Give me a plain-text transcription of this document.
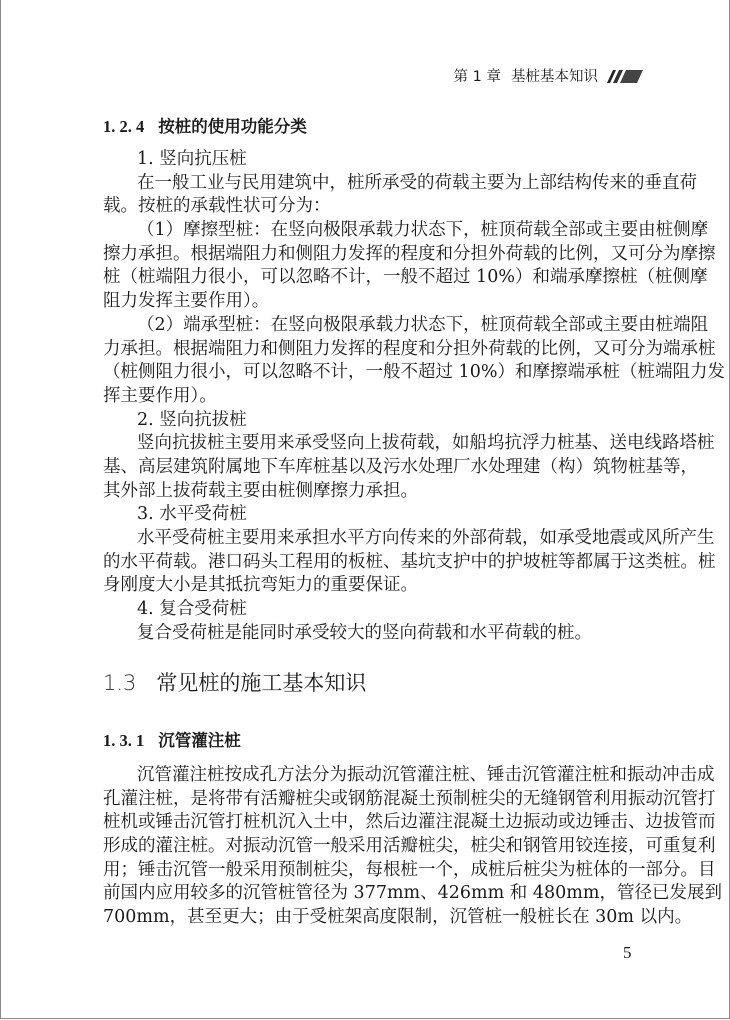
第 1 章 基桩基本知识
1. 2. 4 按桩的使用功能分类
1. 竖向抗压桩
在一般工业与民用建筑中，桩所承受的荷载主要为上部结构传来的垂直荷
载。按桩的承载性状可分为：
（1）摩擦型桩：在竖向极限承载力状态下，桩顶荷载全部或主要由桩侧摩
擦力承担。根据端阻力和侧阻力发挥的程度和分担外荷载的比例，又可分为摩擦
桩（桩端阻力很小，可以忽略不计，一般不超过 10%）和端承摩擦桩（桩侧摩
阻力发挥主要作用）。
（2）端承型桩：在竖向极限承载力状态下，桩顶荷载全部或主要由桩端阻
力承担。根据端阻力和侧阻力发挥的程度和分担外荷载的比例，又可分为端承桩
（桩侧阻力很小，可以忽略不计，一般不超过 10%）和摩擦端承桩（桩端阻力发
挥主要作用）。
2. 竖向抗拔桩
竖向抗拔桩主要用来承受竖向上拔荷载，如船坞抗浮力桩基、送电线路塔桩
基、高层建筑附属地下车库桩基以及污水处理厂水处理建（构）筑物桩基等，
其外部上拔荷载主要由桩侧摩擦力承担。
3. 水平受荷桩
水平受荷桩主要用来承担水平方向传来的外部荷载，如承受地震或风所产生
的水平荷载。港口码头工程用的板桩、基坑支护中的护坡桩等都属于这类桩。桩
身刚度大小是其抵抗弯矩力的重要保证。
4. 复合受荷桩
复合受荷桩是能同时承受较大的竖向荷载和水平荷载的桩。
1.3 常见桩的施工基本知识
1. 3. 1 沉管灌注桩
沉管灌注桩按成孔方法分为振动沉管灌注桩、锤击沉管灌注桩和振动冲击成
孔灌注桩，是将带有活瓣桩尖或钢筋混凝土预制桩尖的无缝钢管利用振动沉管打
桩机或锤击沉管打桩机沉入土中，然后边灌注混凝土边振动或边锤击、边拔管而
形成的灌注桩。对振动沉管一般采用活瓣桩尖，桩尖和钢管用铰连接，可重复利
用；锤击沉管一般采用预制桩尖，每根桩一个，成桩后桩尖为桩体的一部分。目
前国内应用较多的沉管桩管径为 377mm、426mm 和 480mm，管径已发展到
700mm，甚至更大；由于受桩架高度限制，沉管桩一般桩长在 30m 以内。
5
